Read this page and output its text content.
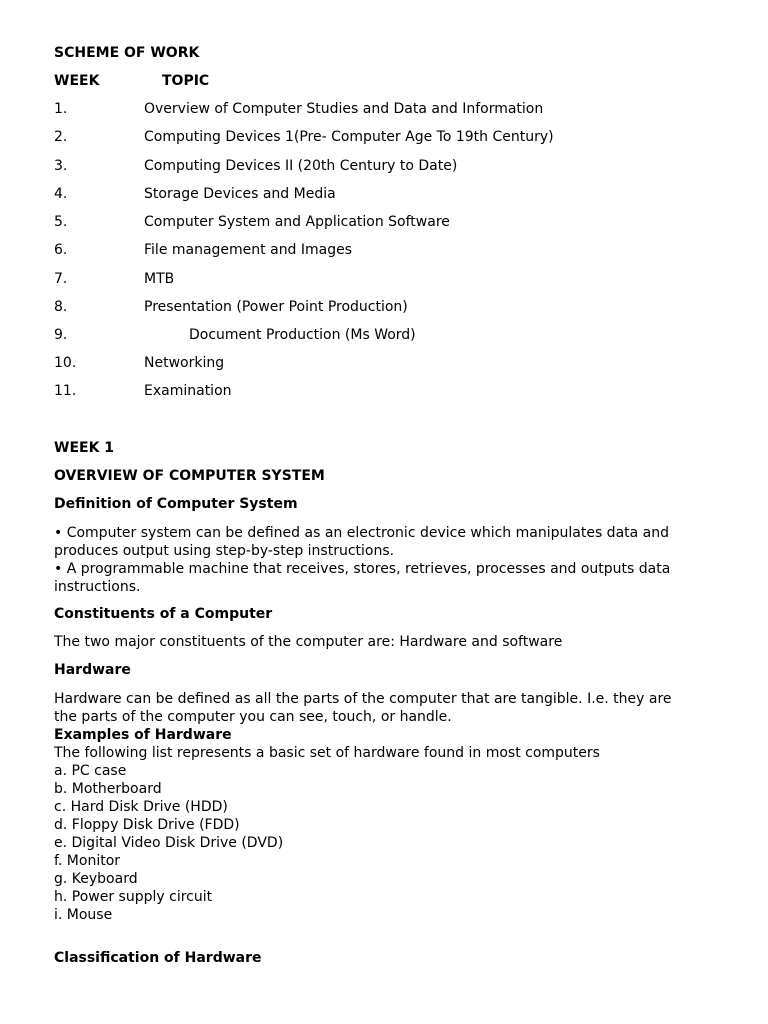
SCHEME OF WORK
WEEK	TOPIC
1.	Overview of Computer Studies and Data and Information
2.	Computing Devices 1(Pre- Computer Age To 19th Century)
3.	Computing Devices II (20th Century to Date)
4.	Storage Devices and Media
5.	Computer System and Application Software
6.	File management and Images
7.	MTB
8.	Presentation (Power Point Production)
9.	Document Production (Ms Word)
10.	Networking
11.	Examination
WEEK 1
OVERVIEW OF COMPUTER SYSTEM
Definition of Computer System
• Computer system can be defined as an electronic device which manipulates data and produces output using step-by-step instructions.
• A programmable machine that receives, stores, retrieves, processes and outputs data instructions.
Constituents of a Computer
The two major constituents of the computer are: Hardware and software
Hardware
Hardware can be defined as all the parts of the computer that are tangible. I.e. they are the parts of the computer you can see, touch, or handle.
Examples of Hardware
The following list represents a basic set of hardware found in most computers
a. PC case
b. Motherboard
c. Hard Disk Drive (HDD)
d. Floppy Disk Drive (FDD)
e. Digital Video Disk Drive (DVD)
f. Monitor
g. Keyboard
h. Power supply circuit
i. Mouse
Classification of Hardware
